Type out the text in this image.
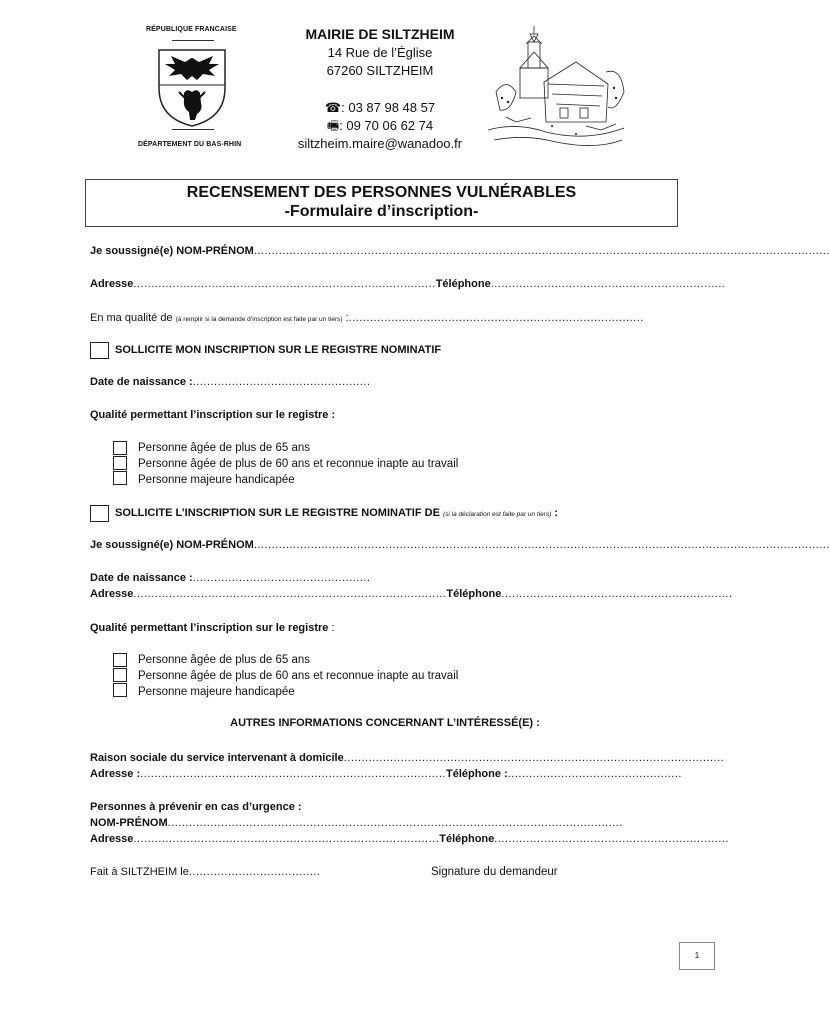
RÉPUBLIQUE FRANCAISE
DÉPARTEMENT DU BAS-RHIN
MAIRIE DE SILTZHEIM
14 Rue de l’Église
67260 SILTZHEIM
☎: 03 87 98 48 57
🖷: 09 70 06 62 74
siltzheim.maire@wanadoo.fr
RECENSEMENT DES PERSONNES VULNÉRABLES
-Formulaire d’inscription-
Je soussigné(e) NOM-PRÉNOM..................................................................................................................................................................
Adresse.....................................................................................Téléphone..................................................................
En ma qualité de (à remplir si la demande d’inscription est faite par un tiers) :...................................................................................
SOLLICITE MON INSCRIPTION SUR LE REGISTRE NOMINATIF
Date de naissance :..................................................
Qualité permettant l’inscription sur le registre :
Personne âgée de plus de 65 ans
Personne âgée de plus de 60 ans et reconnue inapte au travail
Personne majeure handicapée
SOLLICITE L’INSCRIPTION SUR LE REGISTRE NOMINATIF DE (si la déclaration est faite par un tiers) :
Je soussigné(e) NOM-PRÉNOM..................................................................................................................................................................
Date de naissance :..................................................
Adresse........................................................................................Téléphone.................................................................
Qualité permettant l’inscription sur le registre :
Personne âgée de plus de 65 ans
Personne âgée de plus de 60 ans et reconnue inapte au travail
Personne majeure handicapée
AUTRES INFORMATIONS CONCERNANT L’INTÉRESSÉ(E) :
Raison sociale du service intervenant à domicile...........................................................................................................
Adresse :......................................................................................Téléphone :.................................................
Personnes à prévenir en cas d’urgence :
NOM-PRÉNOM................................................................................................................................
Adresse......................................................................................Téléphone..................................................................
Fait à SILTZHEIM le.....................................	Signature du demandeur
1
